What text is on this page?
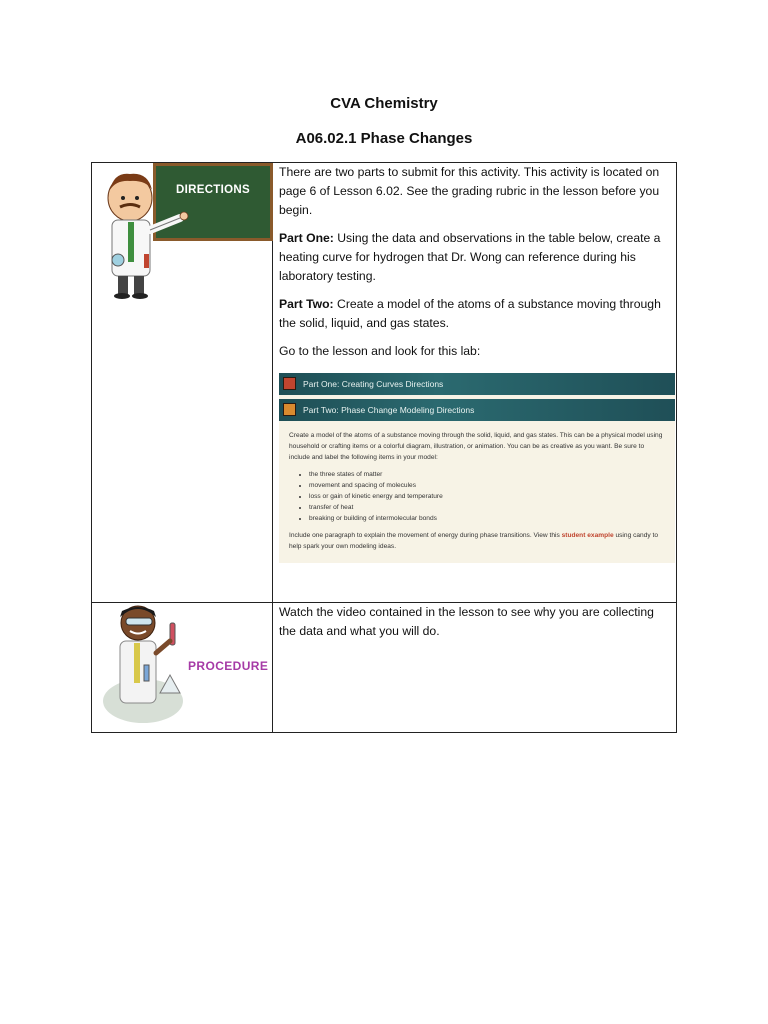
CVA Chemistry
A06.02.1 Phase Changes
DIRECTIONS
PROCEDURE

There are two parts to submit for this activity. This activity is located on page 6 of Lesson 6.02. See the grading rubric in the lesson before you begin.

Part One: Using the data and observations in the table below, create a heating curve for hydrogen that Dr. Wong can reference during his laboratory testing.

Part Two: Create a model of the atoms of a substance moving through the solid, liquid, and gas states.

Go to the lesson and look for this lab:

Part One: Creating Curves Directions
Part Two: Phase Change Modeling Directions

Create a model of the atoms of a substance moving through the solid, liquid, and gas states. This can be a physical model using household or crafting items or a colorful diagram, illustration, or animation. You can be as creative as you want. Be sure to include and label the following items in your model:

• the three states of matter
• movement and spacing of molecules
• loss or gain of kinetic energy and temperature
• transfer of heat
• breaking or building of intermolecular bonds

Include one paragraph to explain the movement of energy during phase transitions. View this student example using candy to help spark your own modeling ideas.

Watch the video contained in the lesson to see why you are collecting the data and what you will do.
